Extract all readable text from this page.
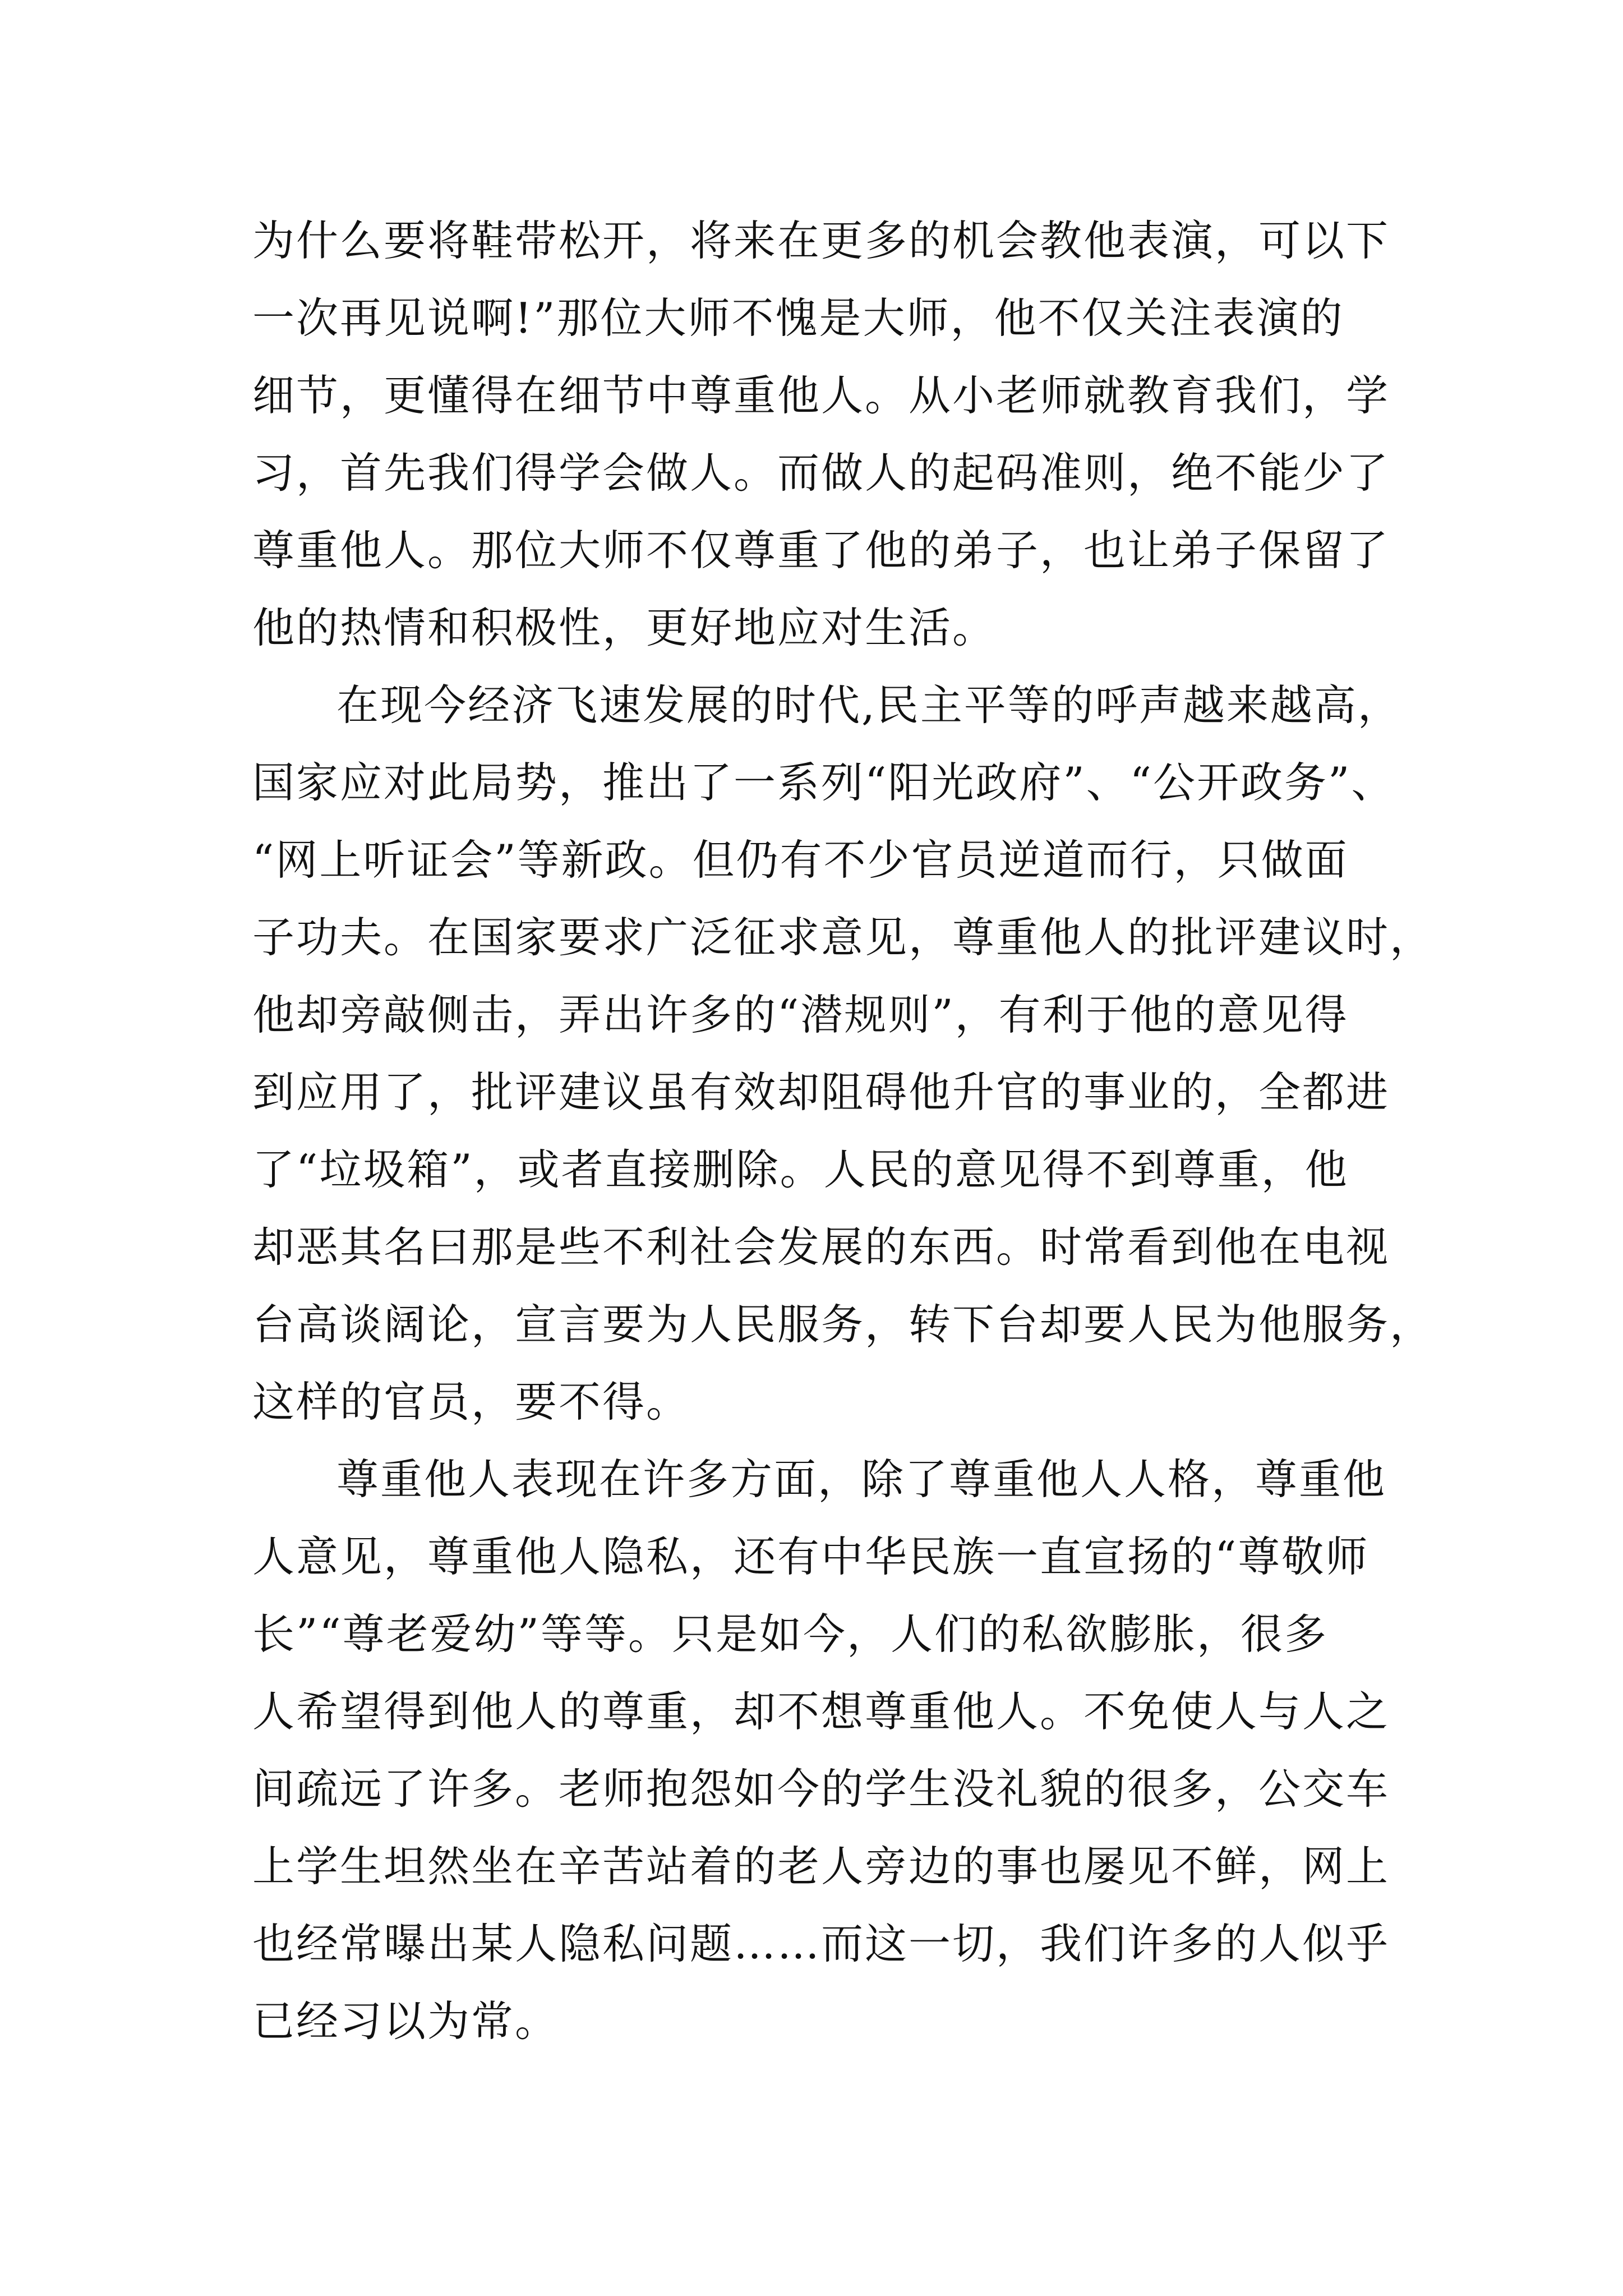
为什么要将鞋带松开，将来在更多的机会教他表演，可以下
一次再见说啊!”那位大师不愧是大师，他不仅关注表演的
细节，更懂得在细节中尊重他人。从小老师就教育我们，学
习，首先我们得学会做人。而做人的起码准则，绝不能少了
尊重他人。那位大师不仅尊重了他的弟子，也让弟子保留了
他的热情和积极性，更好地应对生活。
在现今经济飞速发展的时代,民主平等的呼声越来越高，
国家应对此局势，推出了一系列“阳光政府”、“公开政务”、
“网上听证会”等新政。但仍有不少官员逆道而行，只做面
子功夫。在国家要求广泛征求意见，尊重他人的批评建议时，
他却旁敲侧击，弄出许多的“潜规则”，有利于他的意见得
到应用了，批评建议虽有效却阻碍他升官的事业的，全都进
了“垃圾箱”，或者直接删除。人民的意见得不到尊重，他
却恶其名曰那是些不利社会发展的东西。时常看到他在电视
台高谈阔论，宣言要为人民服务，转下台却要人民为他服务，
这样的官员，要不得。
尊重他人表现在许多方面，除了尊重他人人格，尊重他
人意见，尊重他人隐私，还有中华民族一直宣扬的“尊敬师
长”“尊老爱幼”等等。只是如今，人们的私欲膨胀，很多
人希望得到他人的尊重，却不想尊重他人。不免使人与人之
间疏远了许多。老师抱怨如今的学生没礼貌的很多，公交车
上学生坦然坐在辛苦站着的老人旁边的事也屡见不鲜，网上
也经常曝出某人隐私问题……而这一切，我们许多的人似乎
已经习以为常。
